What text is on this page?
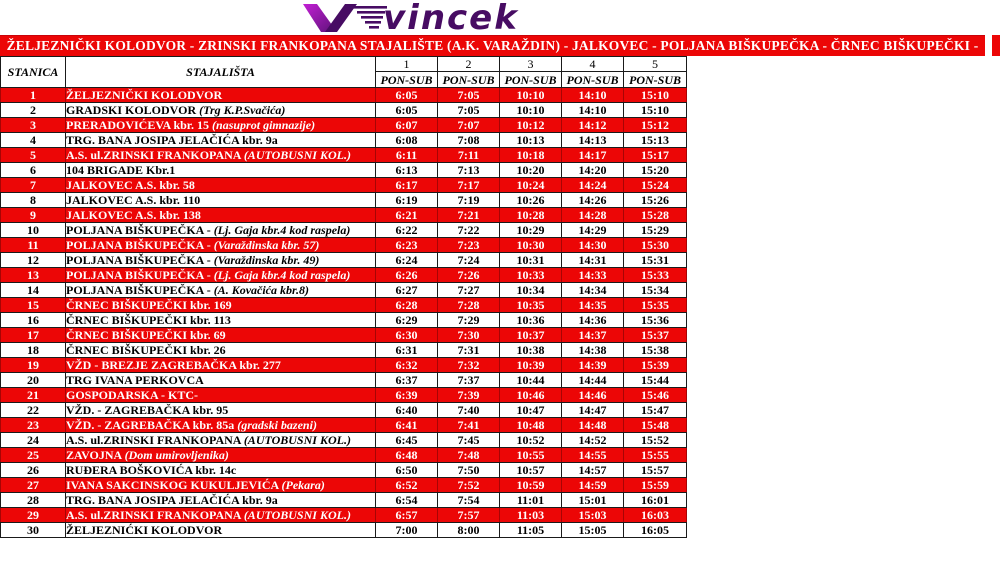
vincek
ŽELJEZNIČKI KOLODVOR - ZRINSKI FRANKOPANA STAJALIŠTE (A.K. VARAŽDIN) - JALKOVEC - POLJANA BIŠKUPEČKA - ČRNEC BIŠKUPEČKI -
STANICA	STAJALIŠTA	1	2	3	4	5
		PON-SUB	PON-SUB	PON-SUB	PON-SUB	PON-SUB
1	ŽELJEZNIČKI KOLODVOR	6:05	7:05	10:10	14:10	15:10
2	GRADSKI KOLODVOR (Trg K.P.Svačića)	6:05	7:05	10:10	14:10	15:10
3	PRERADOVIĆEVA kbr. 15 (nasuprot gimnazije)	6:07	7:07	10:12	14:12	15:12
4	TRG. BANA JOSIPA JELAČIĆA kbr. 9a	6:08	7:08	10:13	14:13	15:13
5	A.S. ul.ZRINSKI FRANKOPANA (AUTOBUSNI KOL.)	6:11	7:11	10:18	14:17	15:17
6	104 BRIGADE Kbr.1	6:13	7:13	10:20	14:20	15:20
7	JALKOVEC A.S. kbr. 58	6:17	7:17	10:24	14:24	15:24
8	JALKOVEC A.S. kbr. 110	6:19	7:19	10:26	14:26	15:26
9	JALKOVEC A.S. kbr. 138	6:21	7:21	10:28	14:28	15:28
10	POLJANA BIŠKUPEČKA - (Lj. Gaja kbr.4 kod raspela)	6:22	7:22	10:29	14:29	15:29
11	POLJANA BIŠKUPEČKA - (Varaždinska kbr. 57)	6:23	7:23	10:30	14:30	15:30
12	POLJANA BIŠKUPEČKA - (Varaždinska kbr. 49)	6:24	7:24	10:31	14:31	15:31
13	POLJANA BIŠKUPEČKA - (Lj. Gaja kbr.4 kod raspela)	6:26	7:26	10:33	14:33	15:33
14	POLJANA BIŠKUPEČKA - (A. Kovačića kbr.8)	6:27	7:27	10:34	14:34	15:34
15	ČRNEC BIŠKUPEČKI kbr. 169	6:28	7:28	10:35	14:35	15:35
16	ČRNEC BIŠKUPEČKI kbr. 113	6:29	7:29	10:36	14:36	15:36
17	ČRNEC BIŠKUPEČKI kbr. 69	6:30	7:30	10:37	14:37	15:37
18	ČRNEC BIŠKUPEČKI kbr. 26	6:31	7:31	10:38	14:38	15:38
19	VŽD - BREZJE ZAGREBAČKA kbr. 277	6:32	7:32	10:39	14:39	15:39
20	TRG IVANA PERKOVCA	6:37	7:37	10:44	14:44	15:44
21	GOSPODARSKA - KTC-	6:39	7:39	10:46	14:46	15:46
22	VŽD. - ZAGREBAČKA kbr. 95	6:40	7:40	10:47	14:47	15:47
23	VŽD. - ZAGREBAČKA kbr. 85a (gradski bazeni)	6:41	7:41	10:48	14:48	15:48
24	A.S. ul.ZRINSKI FRANKOPANA (AUTOBUSNI KOL.)	6:45	7:45	10:52	14:52	15:52
25	ZAVOJNA (Dom umirovljenika)	6:48	7:48	10:55	14:55	15:55
26	RUĐERA BOŠKOVIĆA kbr. 14c	6:50	7:50	10:57	14:57	15:57
27	IVANA SAKCINSKOG KUKULJEVIĆA (Pekara)	6:52	7:52	10:59	14:59	15:59
28	TRG. BANA JOSIPA JELAČIĆA kbr. 9a	6:54	7:54	11:01	15:01	16:01
29	A.S. ul.ZRINSKI FRANKOPANA (AUTOBUSNI KOL.)	6:57	7:57	11:03	15:03	16:03
30	ŽELJEZNIĆKI KOLODVOR	7:00	8:00	11:05	15:05	16:05
